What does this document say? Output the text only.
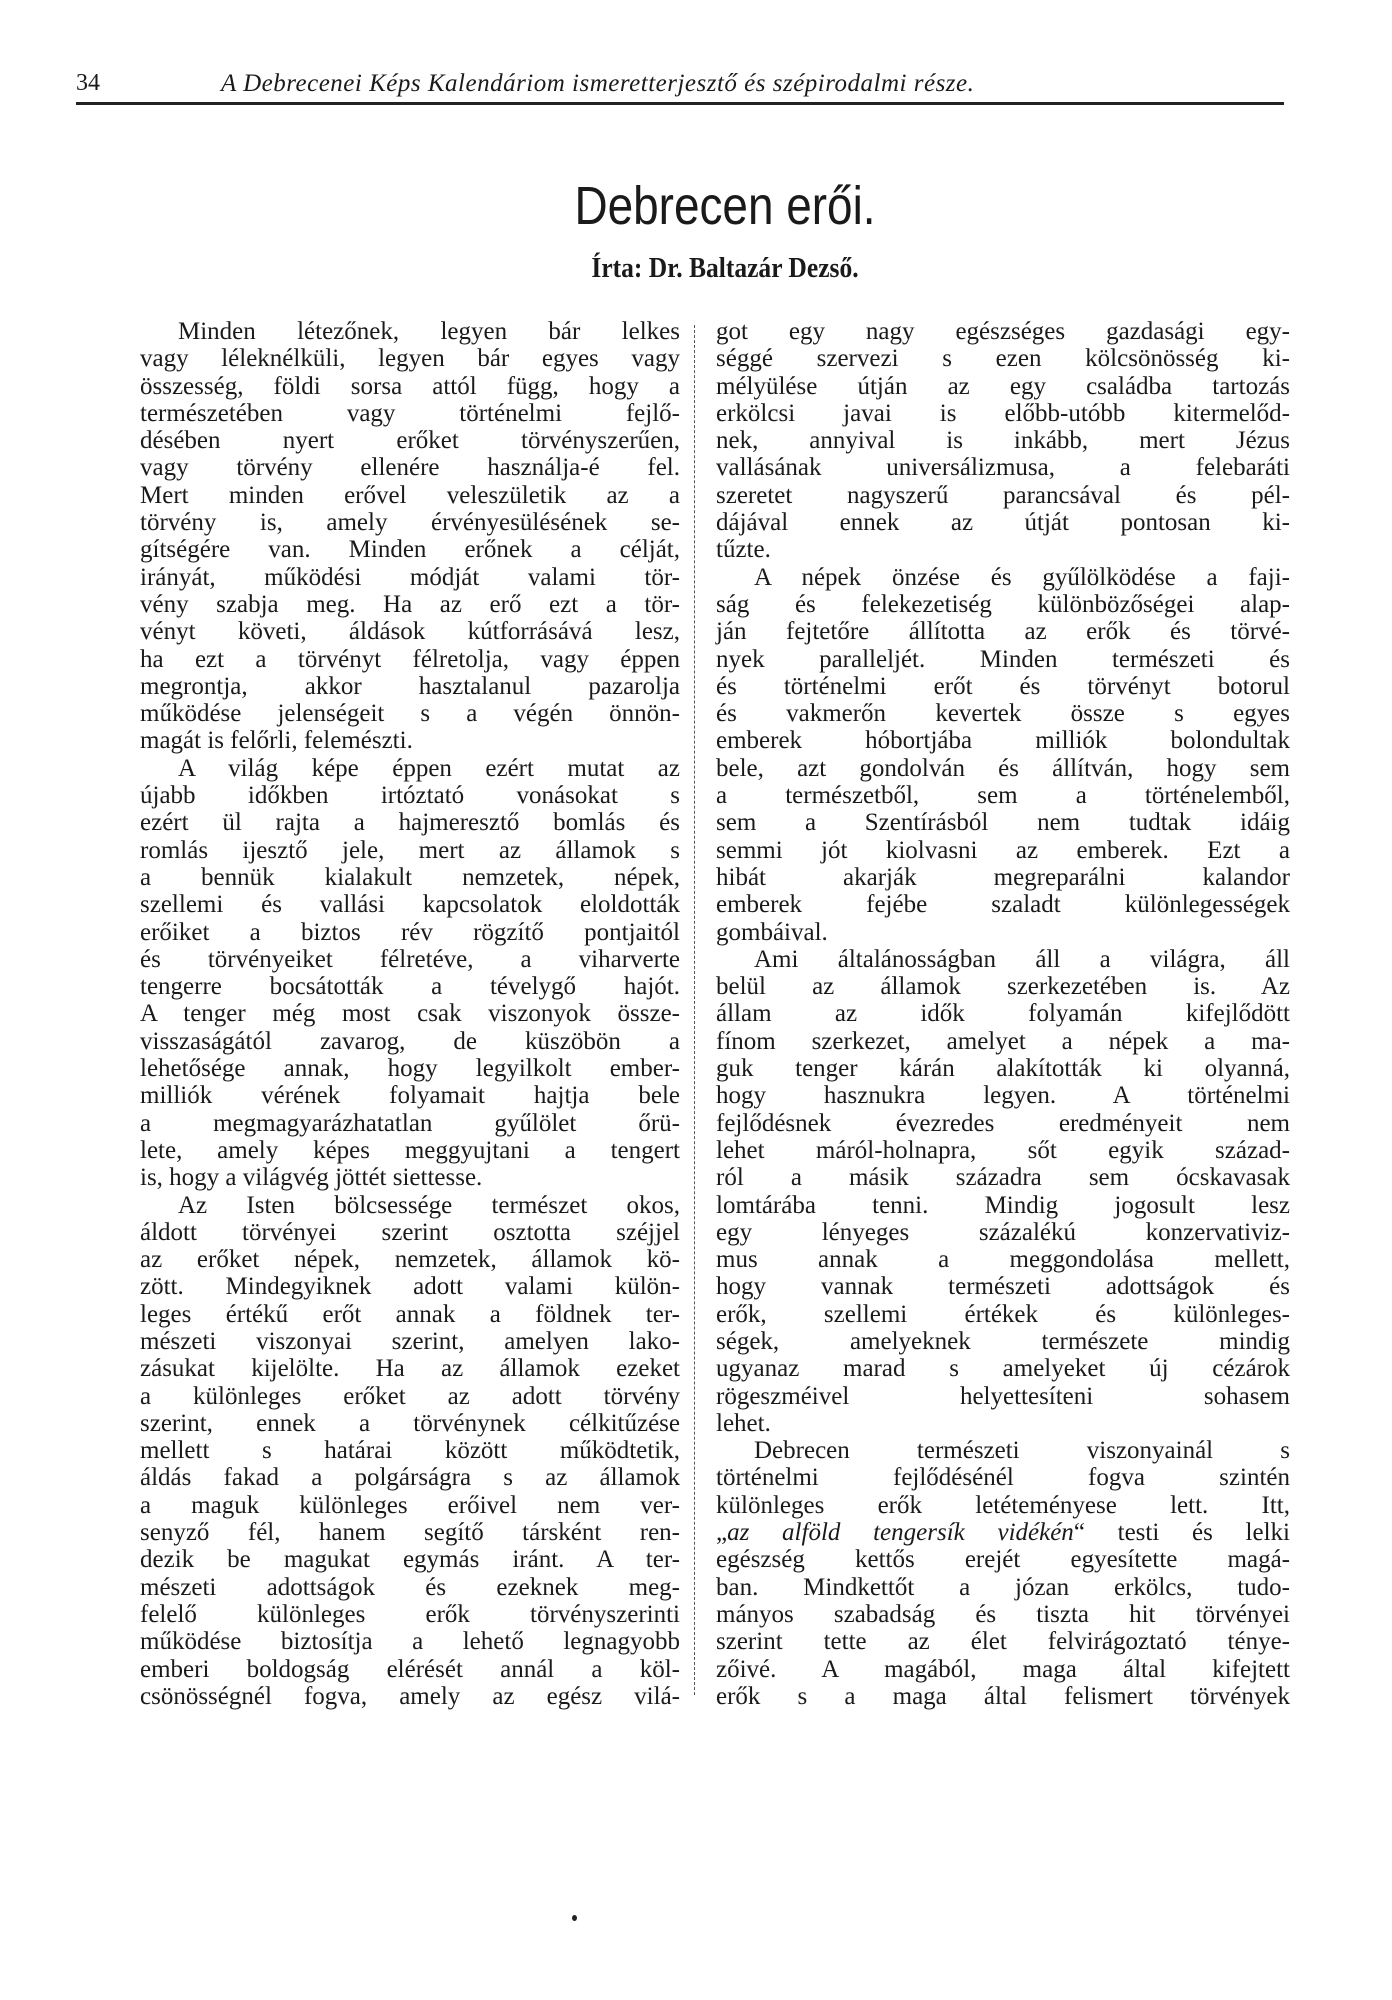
34	A Debrecenei Képs Kalendáriom ismeretterjesztő és szépirodalmi része.
Debrecen erői.
Írta: Dr. Baltazár Dezső.
Minden létezőnek, legyen bár lelkes
vagy léleknélküli, legyen bár egyes vagy
összesség, földi sorsa attól függ, hogy a
természetében vagy történelmi fejlő-
désében nyert erőket törvényszerűen,
vagy törvény ellenére használja-é fel.
Mert minden erővel veleszületik az a
törvény is, amely érvényesülésének se-
gítségére van. Minden erőnek a célját,
irányát, működési módját valami tör-
vény szabja meg. Ha az erő ezt a tör-
vényt követi, áldások kútforrásává lesz,
ha ezt a törvényt félretolja, vagy éppen
megrontja, akkor hasztalanul pazarolja
működése jelenségeit s a végén önnön-
magát is felőrli, felemészti.
A világ képe éppen ezért mutat az
újabb időkben irtóztató vonásokat s
ezért ül rajta a hajmeresztő bomlás és
romlás ijesztő jele, mert az államok s
a bennük kialakult nemzetek, népek,
szellemi és vallási kapcsolatok eloldották
erőiket a biztos rév rögzítő pontjaitól
és törvényeiket félretéve, a viharverte
tengerre bocsátották a tévelygő hajót.
A tenger még most csak viszonyok össze-
visszaságától zavarog, de küszöbön a
lehetősége annak, hogy legyilkolt ember-
milliók vérének folyamait hajtja bele
a megmagyarázhatatlan gyűlölet őrü-
lete, amely képes meggyujtani a tengert
is, hogy a világvég jöttét siettesse.
Az Isten bölcsessége természet okos,
áldott törvényei szerint osztotta széjjel
az erőket népek, nemzetek, államok kö-
zött. Mindegyiknek adott valami külön-
leges értékű erőt annak a földnek ter-
mészeti viszonyai szerint, amelyen lako-
zásukat kijelölte. Ha az államok ezeket
a különleges erőket az adott törvény
szerint, ennek a törvénynek célkitűzése
mellett s határai között működtetik,
áldás fakad a polgárságra s az államok
a maguk különleges erőivel nem ver-
senyző fél, hanem segítő társként ren-
dezik be magukat egymás iránt. A ter-
mészeti adottságok és ezeknek meg-
felelő különleges erők törvényszerinti
működése biztosítja a lehető legnagyobb
emberi boldogság elérését annál a köl-
csönösségnél fogva, amely az egész vilá-
got egy nagy egészséges gazdasági egy-
séggé szervezi s ezen kölcsönösség ki-
mélyülése útján az egy családba tartozás
erkölcsi javai is előbb-utóbb kitermelőd-
nek, annyival is inkább, mert Jézus
vallásának universálizmusa, a felebaráti
szeretet nagyszerű parancsával és pél-
dájával ennek az útját pontosan ki-
tűzte.
A népek önzése és gyűlölködése a faji-
ság és felekezetiség különbözőségei alap-
ján fejtetőre állította az erők és törvé-
nyek paralleljét. Minden természeti és
és történelmi erőt és törvényt botorul
és vakmerőn kevertek össze s egyes
emberek hóbortjába milliók bolondultak
bele, azt gondolván és állítván, hogy sem
a természetből, sem a történelemből,
sem a Szentírásból nem tudtak idáig
semmi jót kiolvasni az emberek. Ezt a
hibát akarják megreparálni kalandor
emberek fejébe szaladt különlegességek
gombáival.
Ami általánosságban áll a világra, áll
belül az államok szerkezetében is. Az
állam az idők folyamán kifejlődött
fínom szerkezet, amelyet a népek a ma-
guk tenger kárán alakították ki olyanná,
hogy hasznukra legyen. A történelmi
fejlődésnek évezredes eredményeit nem
lehet máról-holnapra, sőt egyik század-
ról a másik századra sem ócskavasak
lomtárába tenni. Mindig jogosult lesz
egy lényeges százalékú konzervativiz-
mus annak a meggondolása mellett,
hogy vannak természeti adottságok és
erők, szellemi értékek és különleges-
ségek, amelyeknek természete mindig
ugyanaz marad s amelyeket új cézárok
rögeszméivel helyettesíteni sohasem
lehet.
Debrecen természeti viszonyainál s
történelmi fejlődésénél fogva szintén
különleges erők letéteményese lett. Itt,
„az alföld tengersík vidékén“ testi és lelki
egészség kettős erejét egyesítette magá-
ban. Mindkettőt a józan erkölcs, tudo-
mányos szabadság és tiszta hit törvényei
szerint tette az élet felvirágoztató ténye-
zőivé. A magából, maga által kifejtett
erők s a maga által felismert törvények
